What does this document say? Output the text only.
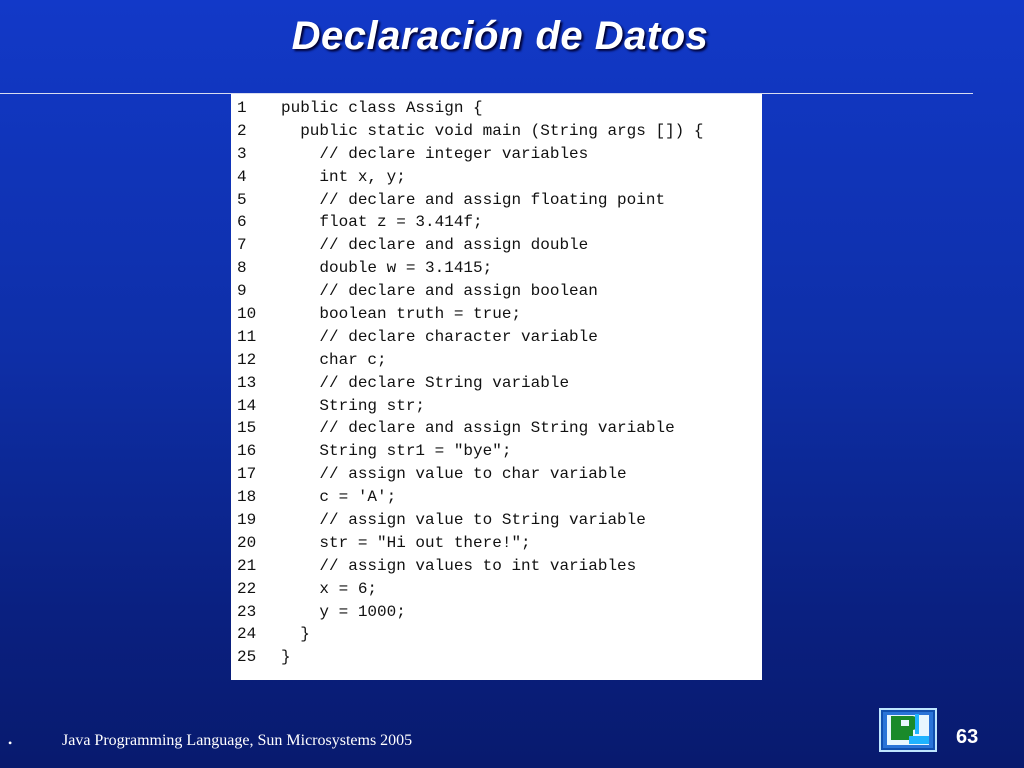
Declaración de Datos
1	public class Assign {
2	public static void main (String args []) {
3	// declare integer variables
4	int x, y;
5	// declare and assign floating point
6	float z = 3.414f;
7	// declare and assign double
8	double w = 3.1415;
9	// declare and assign boolean
10	boolean truth = true;
11	// declare character variable
12	char c;
13	// declare String variable
14	String str;
15	// declare and assign String variable
16	String str1 = "bye";
17	// assign value to char variable
18	c = 'A';
19	// assign value to String variable
20	str = "Hi out there!";
21	// assign values to int variables
22	x = 6;
23	y = 1000;
24	}
25	}
•	Java Programming Language, Sun Microsystems 2005	63
